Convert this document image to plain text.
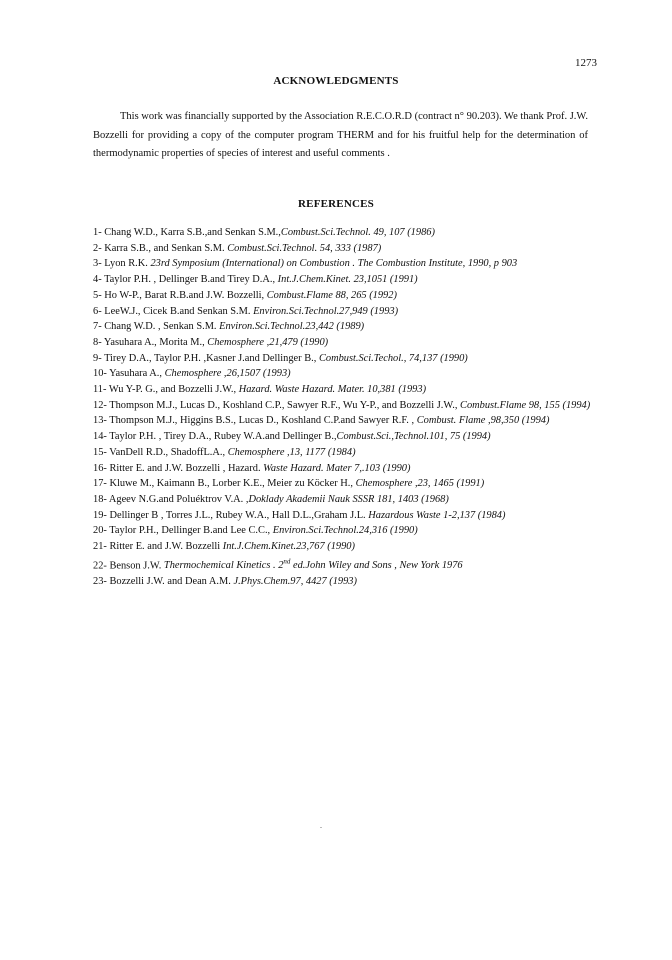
1273
ACKNOWLEDGMENTS

This work was financially supported by the Association R.E.C.O.R.D (contract n° 90.203). We thank Prof. J.W. Bozzelli for providing a copy of the computer program THERM and for his fruitful help for the determination of thermodynamic properties of species of interest and useful comments .

REFERENCES
1- Chang W.D., Karra S.B.,and Senkan S.M.,Combust.Sci.Technol. 49, 107 (1986)
2- Karra S.B., and Senkan S.M. Combust.Sci.Technol. 54, 333 (1987)
3- Lyon R.K. 23rd Symposium (International) on Combustion . The Combustion Institute, 1990, p 903
4- Taylor P.H. , Dellinger B.and Tirey D.A., Int.J.Chem.Kinet. 23,1051 (1991)
5- Ho W-P., Barat R.B.and J.W. Bozzelli, Combust.Flame 88, 265 (1992)
6- LeeW.J., Cicek B.and Senkan S.M. Environ.Sci.Technol.27,949 (1993)
7- Chang W.D. , Senkan S.M. Environ.Sci.Technol.23,442 (1989)
8- Yasuhara A., Morita M., Chemosphere ,21,479 (1990)
9- Tirey D.A., Taylor P.H. ,Kasner J.and Dellinger B., Combust.Sci.Techol., 74,137 (1990)
10- Yasuhara A., Chemosphere ,26,1507 (1993)
11- Wu Y-P. G., and Bozzelli J.W., Hazard. Waste Hazard. Mater. 10,381 (1993)
12- Thompson M.J., Lucas D., Koshland C.P., Sawyer R.F., Wu Y-P., and Bozzelli J.W., Combust.Flame 98, 155 (1994)
13- Thompson M.J., Higgins B.S., Lucas D., Koshland C.P.and Sawyer R.F. , Combust. Flame ,98,350 (1994)
14- Taylor P.H. , Tirey D.A., Rubey W.A.and Dellinger B.,Combust.Sci.,Technol.101, 75 (1994)
15- VanDell R.D., ShadoffL.A., Chemosphere ,13, 1177 (1984)
16- Ritter E. and J.W. Bozzelli , Hazard. Waste Hazard. Mater 7,.103 (1990)
17- Kluwe M., Kaimann B., Lorber K.E., Meier zu Köcker H., Chemosphere ,23, 1465 (1991)
18- Ageev N.G.and Poluéktrov V.A. ,Doklady Akademii Nauk SSSR 181, 1403 (1968)
19- Dellinger B , Torres J.L., Rubey W.A., Hall D.L.,Graham J.L. Hazardous Waste 1-2,137 (1984)
20- Taylor P.H., Dellinger B.and Lee C.C., Environ.Sci.Technol.24,316 (1990)
21- Ritter E. and J.W. Bozzelli Int.J.Chem.Kinet.23,767 (1990)
22- Benson J.W. Thermochemical Kinetics . 2nd ed.John Wiley and Sons , New York 1976
23- Bozzelli J.W. and Dean A.M. J.Phys.Chem.97, 4427 (1993)
